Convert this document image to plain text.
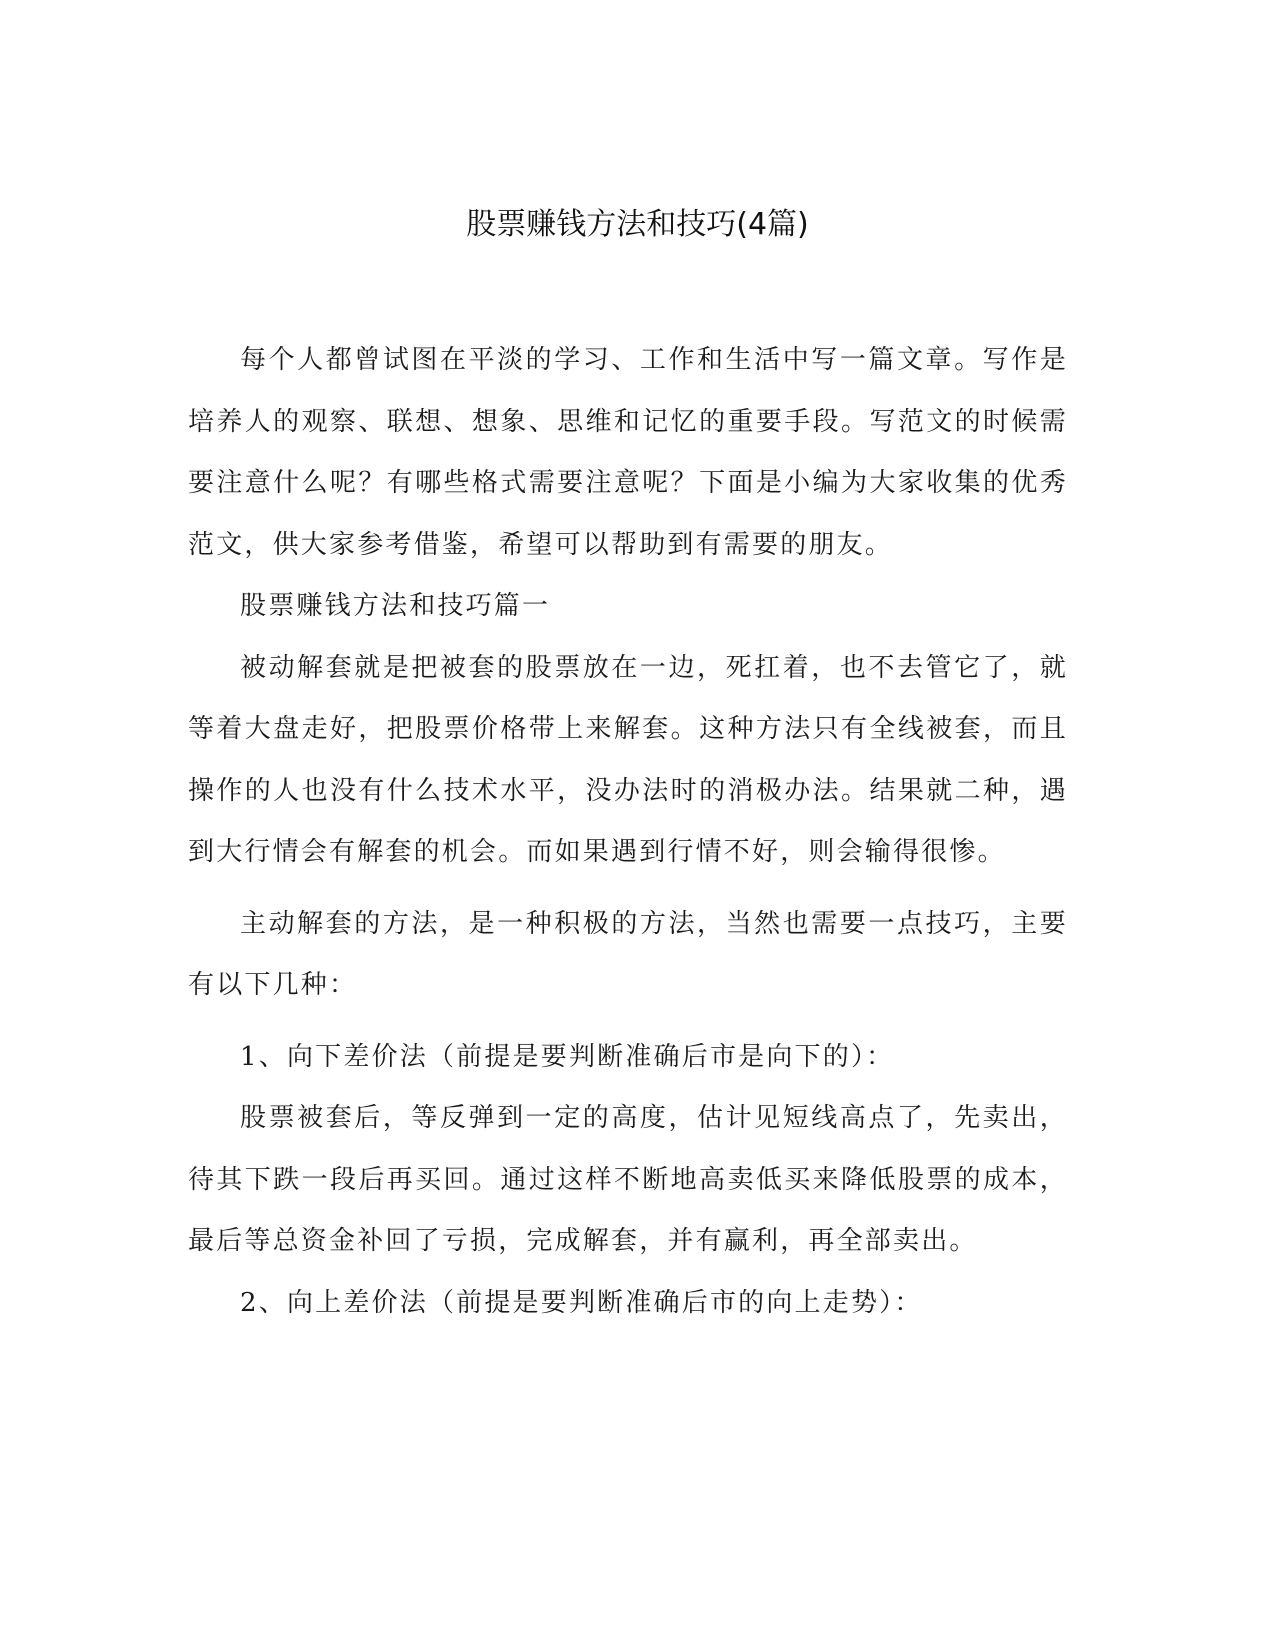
股票赚钱方法和技巧(4篇)

每个人都曾试图在平淡的学习、工作和生活中写一篇文章。写作是培养人的观察、联想、想象、思维和记忆的重要手段。写范文的时候需要注意什么呢？有哪些格式需要注意呢？下面是小编为大家收集的优秀范文，供大家参考借鉴，希望可以帮助到有需要的朋友。

股票赚钱方法和技巧篇一

被动解套就是把被套的股票放在一边，死扛着，也不去管它了，就等着大盘走好，把股票价格带上来解套。这种方法只有全线被套，而且操作的人也没有什么技术水平，没办法时的消极办法。结果就二种，遇到大行情会有解套的机会。而如果遇到行情不好，则会输得很惨。

主动解套的方法，是一种积极的方法，当然也需要一点技巧，主要有以下几种：

1、向下差价法（前提是要判断准确后市是向下的）：

股票被套后，等反弹到一定的高度，估计见短线高点了，先卖出，待其下跌一段后再买回。通过这样不断地高卖低买来降低股票的成本，最后等总资金补回了亏损，完成解套，并有赢利，再全部卖出。

2、向上差价法（前提是要判断准确后市的向上走势）：
